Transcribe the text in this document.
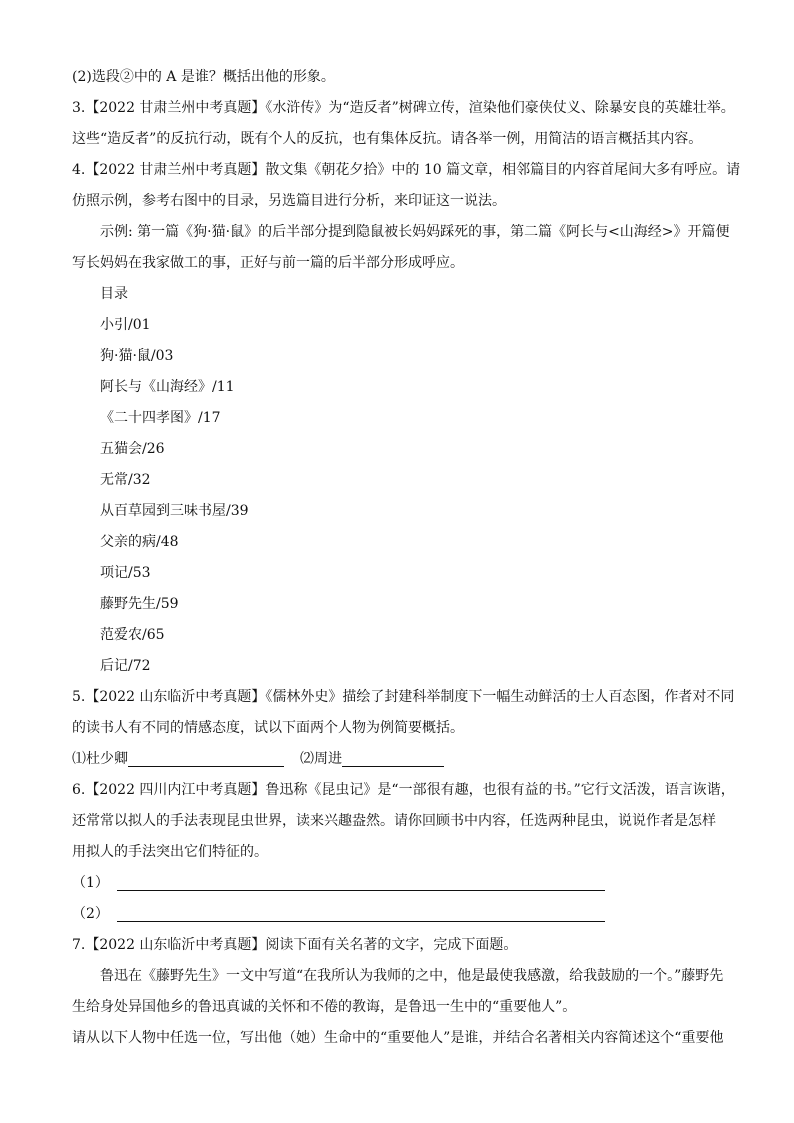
(2)选段②中的 A 是谁？概括出他的形象。
3.【2022 甘肃兰州中考真题】《水浒传》为“造反者”树碑立传，渲染他们豪侠仗义、除暴安良的英雄壮举。
这些“造反者”的反抗行动，既有个人的反抗，也有集体反抗。请各举一例，用简洁的语言概括其内容。
4.【2022 甘肃兰州中考真题】散文集《朝花夕拾》中的 10 篇文章，相邻篇目的内容首尾间大多有呼应。请
仿照示例，参考右图中的目录，另选篇目进行分析，来印证这一说法。
示例: 第一篇《狗·猫·鼠》的后半部分提到隐鼠被长妈妈踩死的事，第二篇《阿长与<山海经>》开篇便
写长妈妈在我家做工的事，正好与前一篇的后半部分形成呼应。
目录
小引/01
狗·猫·鼠/03
阿长与《山海经》/11
《二十四孝图》/17
五猫会/26
无常/32
从百草园到三味书屋/39
父亲的病/48
项记/53
藤野先生/59
范爱农/65
后记/72
5.【2022 山东临沂中考真题】《儒林外史》描绘了封建科举制度下一幅生动鲜活的士人百态图，作者对不同
的读书人有不同的情感态度，试以下面两个人物为例简要概括。
⑴杜少卿	⑵周进
6.【2022 四川内江中考真题】鲁迅称《昆虫记》是“一部很有趣，也很有益的书。”它行文活泼，语言诙谐，
还常常以拟人的手法表现昆虫世界，读来兴趣盎然。请你回顾书中内容，任选两种昆虫，说说作者是怎样
用拟人的手法突出它们特征的。
（1）
（2）
7.【2022 山东临沂中考真题】阅读下面有关名著的文字，完成下面题。
鲁迅在《藤野先生》一文中写道“在我所认为我师的之中，他是最使我感激，给我鼓励的一个。”藤野先
生给身处异国他乡的鲁迅真诚的关怀和不倦的教诲，是鲁迅一生中的“重要他人”。
请从以下人物中任选一位，写出他（她）生命中的“重要他人”是谁，并结合名著相关内容简述这个“重要他
